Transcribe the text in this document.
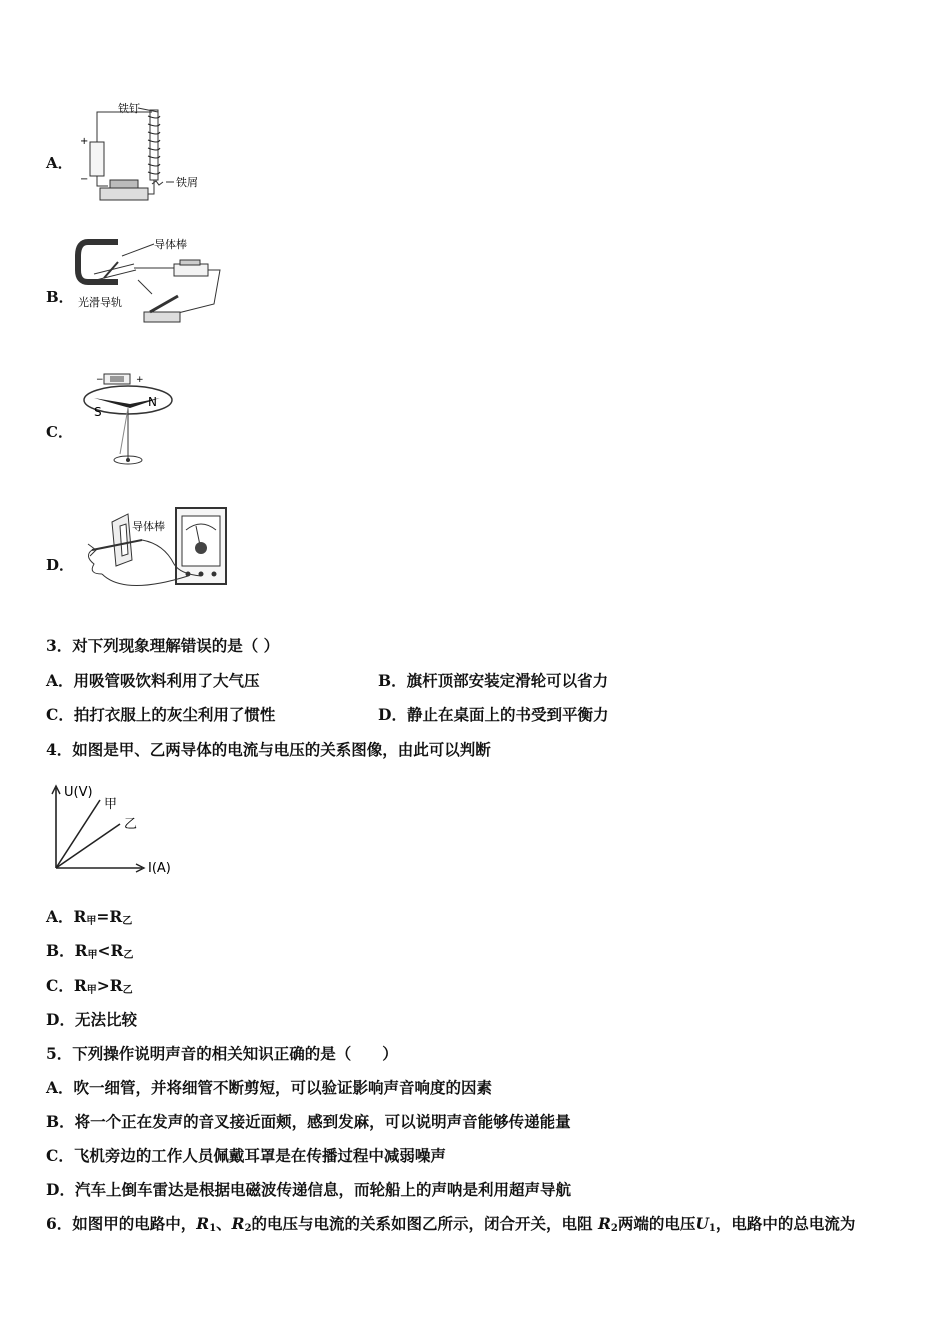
A．
铁钉
+
−	铁屑
B．
导体棒
光滑导轨
C．
+
−
S
N
D．
导体棒
3．对下列现象理解错误的是（ ）
A．用吸管吸饮料利用了大气压	B．旗杆顶部安装定滑轮可以省力
C．拍打衣服上的灰尘利用了惯性	D．静止在桌面上的书受到平衡力
4．如图是甲、乙两导体的电流与电压的关系图像，由此可以判断
U(V)
甲
乙
I(A)
A．$R_甲=R_乙$
B．$R_甲<R_乙$
C．$R_甲>R_乙$
D．无法比较
5．下列操作说明声音的相关知识正确的是（　　）
A．吹一细管，并将细管不断剪短，可以验证影响声音响度的因素
B．将一个正在发声的音叉接近面颊，感到发麻，可以说明声音能够传递能量
C．飞机旁边的工作人员佩戴耳罩是在传播过程中减弱噪声
D．汽车上倒车雷达是根据电磁波传递信息，而轮船上的声呐是利用超声导航
6．如图甲的电路中，$R_1$、$R_2$的电压与电流的关系如图乙所示，闭合开关，电阻 $R_2$两端的电压$U_1$，电路中的总电流为
